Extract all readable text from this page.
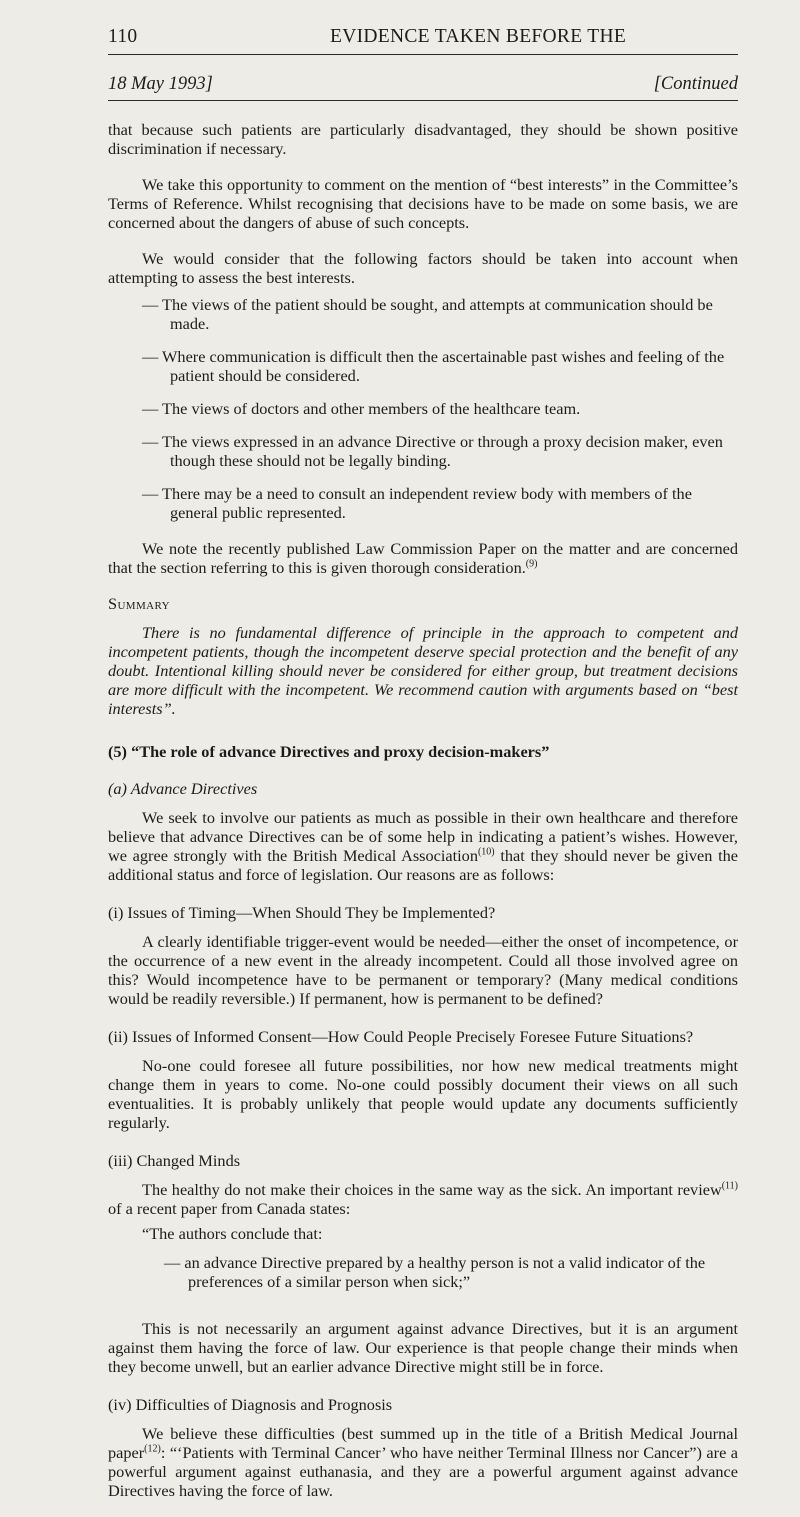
110	EVIDENCE TAKEN BEFORE THE
18 May 1993]	[Continued

that because such patients are particularly disadvantaged, they should be shown positive discrimination if necessary.

We take this opportunity to comment on the mention of “best interests” in the Committee’s Terms of Reference. Whilst recognising that decisions have to be made on some basis, we are concerned about the dangers of abuse of such concepts.

We would consider that the following factors should be taken into account when attempting to assess the best interests.

— The views of the patient should be sought, and attempts at communication should be made.

— Where communication is difficult then the ascertainable past wishes and feeling of the patient should be considered.

— The views of doctors and other members of the healthcare team.

— The views expressed in an advance Directive or through a proxy decision maker, even though these should not be legally binding.

— There may be a need to consult an independent review body with members of the general public represented.

We note the recently published Law Commission Paper on the matter and are concerned that the section referring to this is given thorough consideration.$^{(9)}$

Summary

There is no fundamental difference of principle in the approach to competent and incompetent patients, though the incompetent deserve special protection and the benefit of any doubt. Intentional killing should never be considered for either group, but treatment decisions are more difficult with the incompetent. We recommend caution with arguments based on “best interests”.

(5) “The role of advance Directives and proxy decision-makers”

(a) Advance Directives

We seek to involve our patients as much as possible in their own healthcare and therefore believe that advance Directives can be of some help in indicating a patient’s wishes. However, we agree strongly with the British Medical Association$^{(10)}$ that they should never be given the additional status and force of legislation. Our reasons are as follows:

(i) Issues of Timing—When Should They be Implemented?

A clearly identifiable trigger-event would be needed—either the onset of incompetence, or the occurrence of a new event in the already incompetent. Could all those involved agree on this? Would incompetence have to be permanent or temporary? (Many medical conditions would be readily reversible.) If permanent, how is permanent to be defined?

(ii) Issues of Informed Consent—How Could People Precisely Foresee Future Situations?

No-one could foresee all future possibilities, nor how new medical treatments might change them in years to come. No-one could possibly document their views on all such eventualities. It is probably unlikely that people would update any documents sufficiently regularly.

(iii) Changed Minds

The healthy do not make their choices in the same way as the sick. An important review$^{(11)}$ of a recent paper from Canada states:

“The authors conclude that:

— an advance Directive prepared by a healthy person is not a valid indicator of the preferences of a similar person when sick;”

This is not necessarily an argument against advance Directives, but it is an argument against them having the force of law. Our experience is that people change their minds when they become unwell, but an earlier advance Directive might still be in force.

(iv) Difficulties of Diagnosis and Prognosis

We believe these difficulties (best summed up in the title of a British Medical Journal paper$^{(12)}$: “‘Patients with Terminal Cancer’ who have neither Terminal Illness nor Cancer”) are a powerful argument against euthanasia, and they are a powerful argument against advance Directives having the force of law.
